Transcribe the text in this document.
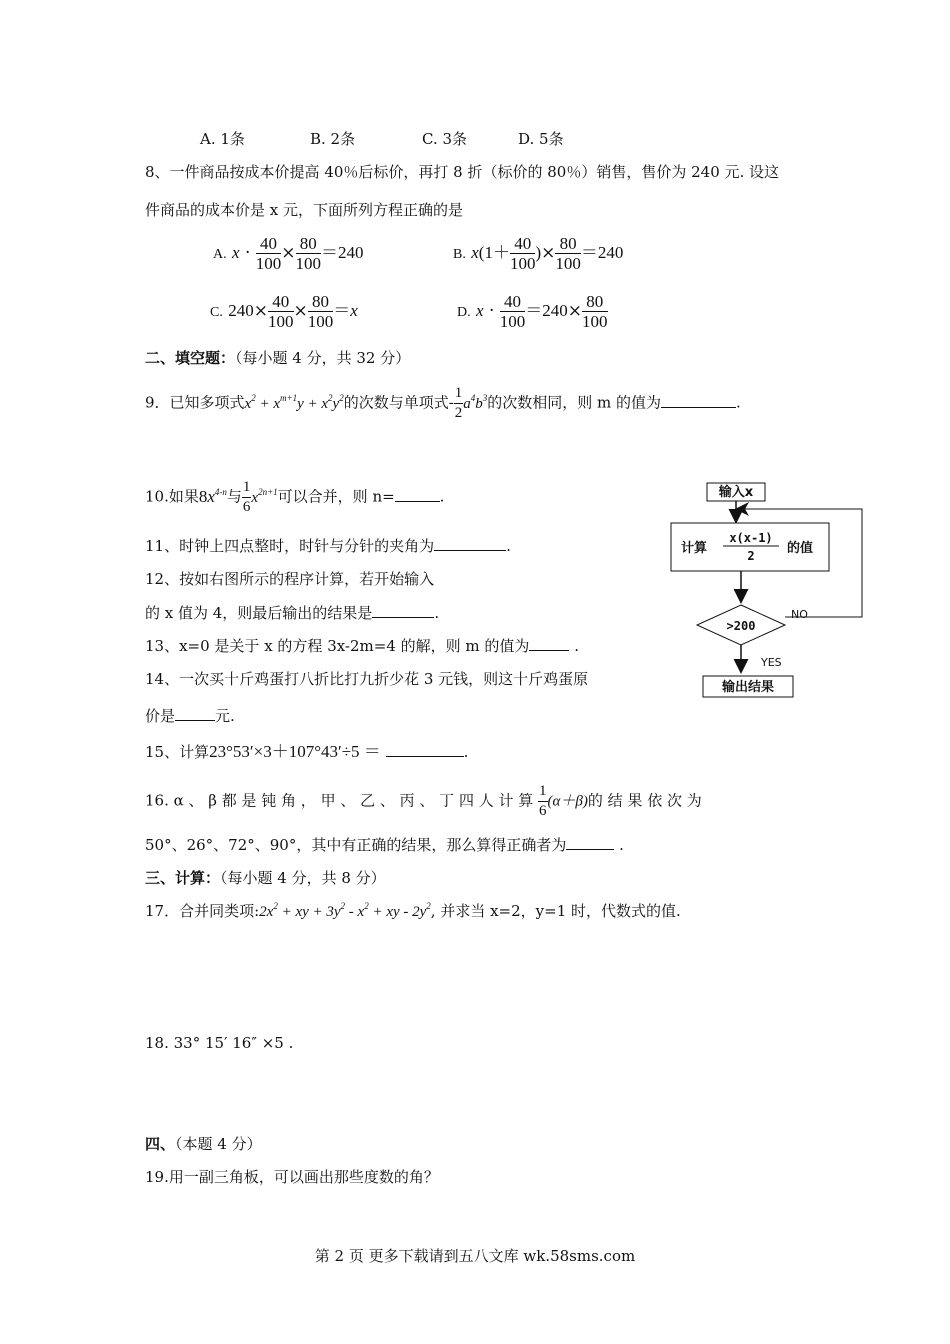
A. 1条	B. 2条	C. 3条	D. 5条
8、一件商品按成本价提高 40％后标价，再打 8 折（标价的 80％）销售，售价为 240 元. 设这
件商品的成本价是 x 元，下面所列方程正确的是
A. $x \cdot \frac{40}{100} \times \frac{80}{100} =240$	B. $x(1+ \frac{40}{100}$ )× $\frac{80}{100} =240$
C. $240\times \frac{40}{100} \times \frac{80}{100} =x$	D. $x \cdot \frac{40}{100} =240\times \frac{80}{100}$
二、填空题：（每小题 4 分，共 32 分）
9．已知多项式$x^2 + x^{m+1}y + x^2y^2$的次数与单项式- $\frac{1}{2} a^4b^3$的次数相同，则 m 的值为	.
10.如果$8x^{4-n}$与 $\frac{1}{6} x^{2n+1}$可以合并，则 n=	.
11、时钟上四点整时，时针与分针的夹角为	.
12、按如右图所示的程序计算，若开始输入
的 x 值为 4，则最后输出的结果是	.
13、x=0 是关于 x 的方程 3x-2m=4 的解，则 m 的值为	.
14、一次买十斤鸡蛋打八折比打九折少花 3 元钱，则这十斤鸡蛋原
价是	元.
15、计算23°53′×3＋107°43′÷5 ＝	.
16. α 、 β 都 是 钝 角 ， 甲 、 乙 、 丙 、 丁 四 人 计 算 $\frac{1}{6} (\alpha+\beta)$的 结 果 依 次 为
50°、26°、72°、90°，其中有正确的结果，那么算得正确者为	.
三、计算：（每小题 4 分，共 8 分）
17．合并同类项$:2x^2$ + xy + $3y^2 - x^2$ + xy - $2y^2$, 并求当 x=2，y=1 时，代数式的值.
18. 33° 15′ 16″ ×5 .
四、（本题 4 分）
19.用一副三角板，可以画出那些度数的角？
输入x
计算
x(x-1)
2 的值
>200
NO
YES
输出结果
第 2 页 更多下载请到五八文库 wk.58sms.com
